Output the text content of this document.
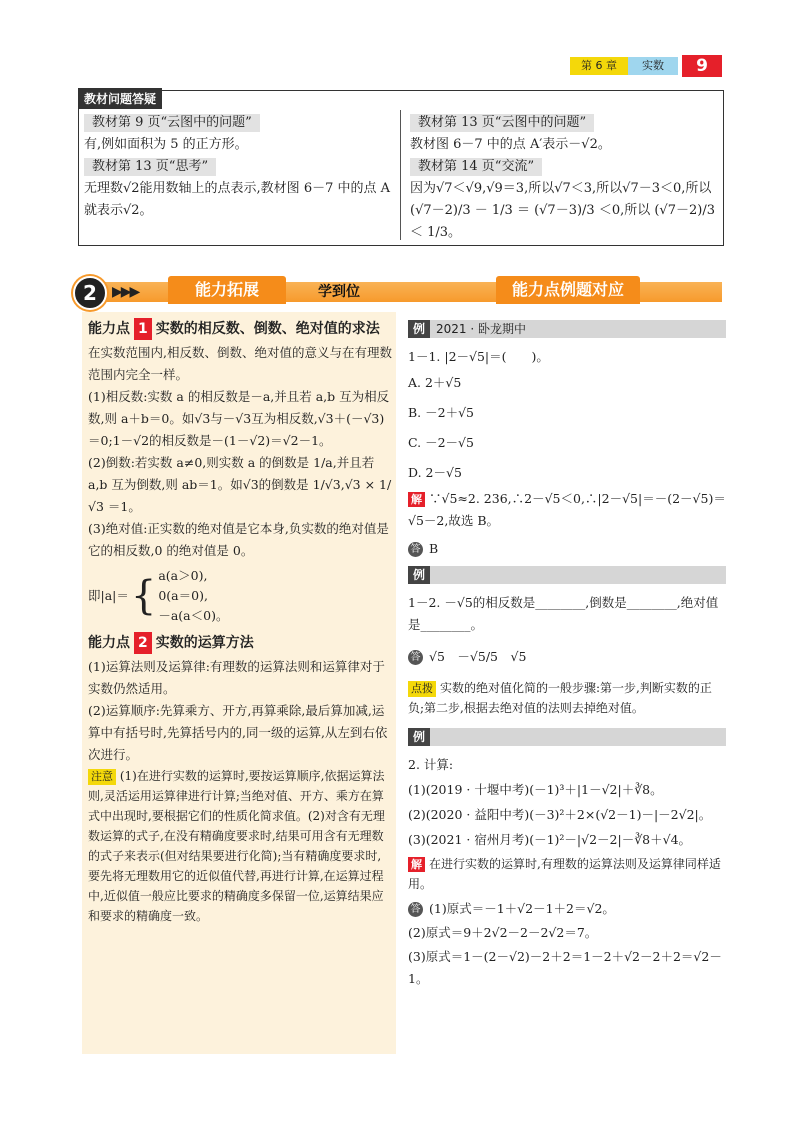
第 6 章	实数	9
教材问题答疑
教材第 9 页“云图中的问题”

有,例如面积为 5 的正方形。

教材第 13 页“思考”

无理数√2能用数轴上的点表示,教材图 6－7 中的点 A 就表示√2。

教材第 13 页“云图中的问题”

教材图 6－7 中的点 A′表示－√2。

教材第 14 页“交流”

因为√7＜√9,√9＝3,所以√7＜3,所以√7－3＜0,所以 (√7－2)/3 － 1/3 ＝ (√7－3)/3 ＜0,所以 (√7－2)/3 ＜ 1/3。

2	▶▶▶	能力拓展	学到位	能力点例题对应
能力点 1 实数的相反数、倒数、绝对值的求法

在实数范围内,相反数、倒数、绝对值的意义与在有理数范围内完全一样。

(1)相反数:实数 a 的相反数是－a,并且若 a,b 互为相反数,则 a＋b＝0。如√3与－√3互为相反数,√3＋(－√3)＝0;1－√2的相反数是－(1－√2)＝√2－1。

(2)倒数:若实数 a≠0,则实数 a 的倒数是 1/a,并且若 a,b 互为倒数,则 ab＝1。如√3的倒数是 1/√3,√3 × 1/√3 ＝1。

(3)绝对值:正实数的绝对值是它本身,负实数的绝对值是它的相反数,0 的绝对值是 0。

即|a|＝ { a(a＞0),
0(a＝0),
－a(a＜0)。
能力点 2 实数的运算方法

(1)运算法则及运算律:有理数的运算法则和运算律对于实数仍然适用。

(2)运算顺序:先算乘方、开方,再算乘除,最后算加减,运算中有括号时,先算括号内的,同一级的运算,从左到右依次进行。

注意 (1)在进行实数的运算时,要按运算顺序,依据运算法则,灵活运用运算律进行计算;当绝对值、开方、乘方在算式中出现时,要根据它们的性质化简求值。(2)对含有无理数运算的式子,在没有精确度要求时,结果可用含有无理数的式子来表示(但对结果要进行化简);当有精确度要求时,要先将无理数用它的近似值代替,再进行计算,在运算过程中,近似值一般应比要求的精确度多保留一位,运算结果应和要求的精确度一致。

例 2021 · 卧龙期中

1－1. |2－√5|＝(　　)。

A. 2＋√5
B. －2＋√5
C. －2－√5
D. 2－√5

解 ∵√5≈2. 236,∴2－√5＜0,∴|2－√5|＝－(2－√5)＝√5－2,故选 B。

答 B

例

1－2. －√5的相反数是________,倒数是________,绝对值是________。

答 √5　－√5/5　√5

点拨 实数的绝对值化简的一般步骤:第一步,判断实数的正负;第二步,根据去绝对值的法则去掉绝对值。

例

2. 计算:

(1)(2019 · 十堰中考)(－1)³＋|1－√2|＋∛8。

(2)(2020 · 益阳中考)(－3)²＋2×(√2－1)－|－2√2|。

(3)(2021 · 宿州月考)(－1)²－|√2－2|－∛8＋√4。

解 在进行实数的运算时,有理数的运算法则及运算律同样适用。

答 (1)原式＝－1＋√2－1＋2＝√2。

(2)原式＝9＋2√2－2－2√2＝7。

(3)原式＝1－(2－√2)－2＋2＝1－2＋√2－2＋2＝√2－1。
